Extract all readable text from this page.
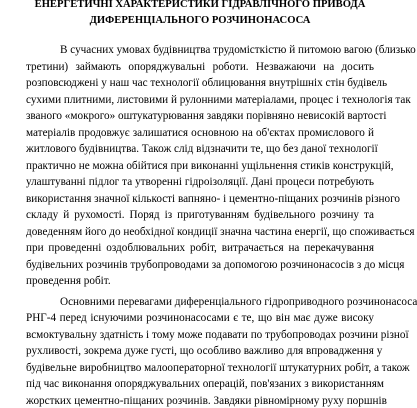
ЕНЕРГЕТИЧНІ ХАРАКТЕРИСТИКИ ГІДРАВЛІЧНОГО ПРИВОДА
ДИФЕРЕНЦІАЛЬНОГО РОЗЧИНОНАСОСА
В сучасних умовах будівництва трудомісткістю й питомою вагою (близько
третини) займають опоряджувальні роботи. Незважаючи на досить
розповсюджені у наш час технології облицювання внутрішніх стін будівель
сухими плитними, листовими й рулонними матеріалами, процес і технологія так
званого «мокрого» оштукатурювання завдяки порівняно невисокій вартості
матеріалів продовжує залишатися основною на об'єктах промислового й
житлового будівництва. Також слід відзначити те, що без даної технології
практично не можна обійтися при виконанні ущільнення стиків конструкцій,
улаштуванні підлог та утворенні гідроізоляції. Дані процеси потребують
використання значної кількості вапняно- і цементно-піщаних розчинів різного
складу й рухомості. Поряд із приготуванням будівельного розчину та
доведенням його до необхідної кондиції значна частина енергії, що споживається
при проведенні оздоблювальних робіт, витрачається на перекачування
будівельних розчинів трубопроводами за допомогою розчинонасосів з до місця
проведення робіт.
Основними перевагами диференціального гідроприводного розчинонасоса
РНГ-4 перед існуючими розчинонасосами є те, що він має дуже високу
всмоктувальну здатність і тому може подавати по трубопроводах розчини різної
рухливості, зокрема дуже густі, що особливо важливо для впровадження у
будівельне виробництво малооператорної технології штукатурних робіт, а також
під час виконання опоряджувальних операцій, пов'язаних з використанням
жорстких цементно-піщаних розчинів. Завдяки рівномірному руху поршнів
